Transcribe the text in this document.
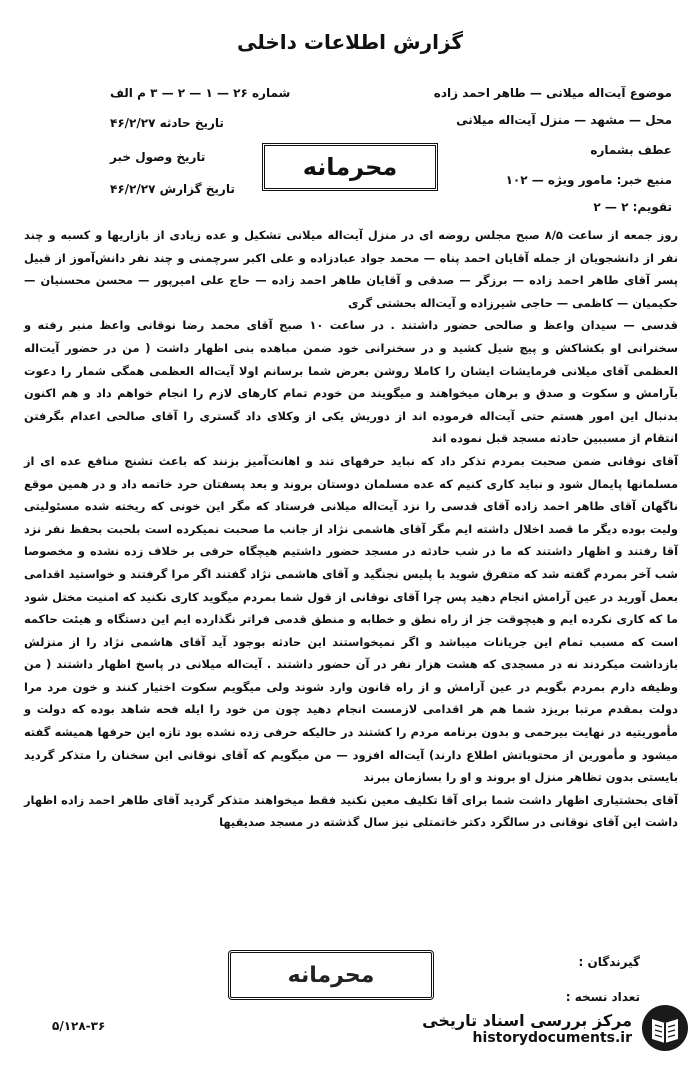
گزارش اطلاعات داخلی
موضوع آیت‌اله میلانی — طاهر احمد زاده
محل — مشهد — منزل آیت‌اله میلانی
عطف بشماره
منبع خبر: مامور ویژه — ۱۰۲
تقویم: ۲ — ۲
شماره ۲۶ — ۱ — ۲ — ۳ م الف
تاریخ حادثه ۴۶/۲/۲۷
تاریخ وصول خبر
تاریخ گزارش ۴۶/۲/۲۷
محرمانه

روز جمعه از ساعت ۸/۵ صبح مجلس روضه ای در منزل آیت‌اله میلانی تشکیل و عده زیادی از بازاریها و کسبه و چند نفر از دانشجویان از جمله آقایان احمد پناه — محمد جواد عبادزاده و علی اکبر سرچمنی و چند نفر دانش‌آموز از قبیل پسر آقای طاهر احمد زاده — برزگر — صدقی و آقایان طاهر احمد زاده — حاج علی امیرپور — محسن محسنیان — حکیمیان — کاظمی — حاجی شیرزاده و آیت‌اله بحشتی گری

قدسی — سیدان واعظ و صالحی حضور داشتند . در ساعت ۱۰ صبح آقای محمد رضا نوقانی واعظ منبر رفته و سخنرانی او بکشاکش و پیچ شیل کشید و در سخنرانی خود ضمن مباهده بنی اظهار داشت ( من در حضور آیت‌اله العظمی آقای میلانی فرمایشات ایشان را کاملا روشن بعرض شما برسانم اولا آیت‌اله العظمی همگی شمار را دعوت بآرامش و سکوت و صدق و برهان میخواهند و میگویند من خودم تمام کارهای لازم را انجام خواهم داد و هم اکنون بدنبال این امور هستم حتی آیت‌اله فرموده اند از دوریش یکی از وکلای داد گستری را آقای صالحی اعدام بگرفتن انتقام از مسببین حادثه مسجد قبل نموده اند

آقای نوقانی ضمن صحبت بمردم تذکر داد که نباید حرفهای تند و اهانت‌آمیز بزنند که باعث تشنج منافع عده ای از مسلمانها پایمال شود و نباید کاری کنیم که عده مسلمان دوستان بروند و بعد پسفتان حرد خاتمه داد و در همین موقع ناگهان آقای طاهر احمد زاده آقای قدسی را نزد آیت‌اله میلانی فرستاد که مگر این خونی که ریخته شده مسئولیتی ولیت بوده دیگر ما قصد اخلال داشته ایم مگر آقای هاشمی نژاد از جانب ما صحبت نمیکرده است بلحبت بحفظ نفر نزد آقا رفتند و اظهار داشتند که ما در شب حادثه در مسجد حضور داشتیم هیچگاه حرفی بر خلاف زده نشده و مخصوصا شب آخر بمردم گفته شد که متفرق شوید با پلیس نجنگید و آقای هاشمی نژاد گفتند اگر مرا گرفتند و خواستید اقدامی بعمل آورید در عین آرامش انجام دهید پس چرا آقای نوقانی از قول شما بمردم میگوید کاری نکنید که امنیت مختل شود ما که کاری نکرده ایم و هیچوقت جز از راه نطق و خطابه و منطق قدمی فراتر نگذارده ایم این دستگاه و هیئت حاکمه است که مسبب تمام این جریانات میباشد و اگر نمیخواستند این حادثه بوجود آید آقای هاشمی نژاد را از منزلش بازداشت میکردند نه در مسجدی که هشت هزار نفر در آن حضور داشتند . آیت‌اله میلانی در پاسخ اظهار داشتند ( من وظیفه دارم بمردم بگویم در عین آرامش و از راه قانون وارد شوند ولی میگویم سکوت اختیار کنند و خون مرد مرا دولت بمقدم مرتبا بریزد شما هم هر اقدامی لازمست انجام دهید چون من خود را ایله فحه شاهد بوده که دولت و مأموریتیه در نهایت بیرحمی و بدون برنامه مردم را کشتند در حالیکه حرفی زده نشده بود تازه این حرفها همیشه گفته میشود و مأمورین از محتویاتش اطلاع دارند) آیت‌اله افزود — من میگویم که آقای نوقانی این سخنان را متذکر گردید بایستی بدون تظاهر منزل او بروند و او را بسازمان ببرند

آقای بحشتیاری اظهار داشت شما برای آقا تکلیف معین نکنید فقط میخواهند متذکر گردید آقای طاهر احمد زاده اظهار داشت این آقای نوقانی در سالگرد دکتر خاتمتلی نیز سال گذشته در مسجد صدیقیها

گیرندگان :
تعداد نسخه :
محرمانه
۵/۱۲۸-۳۶	مرکز بررسی اسناد تاریخی
historydocuments.ir
